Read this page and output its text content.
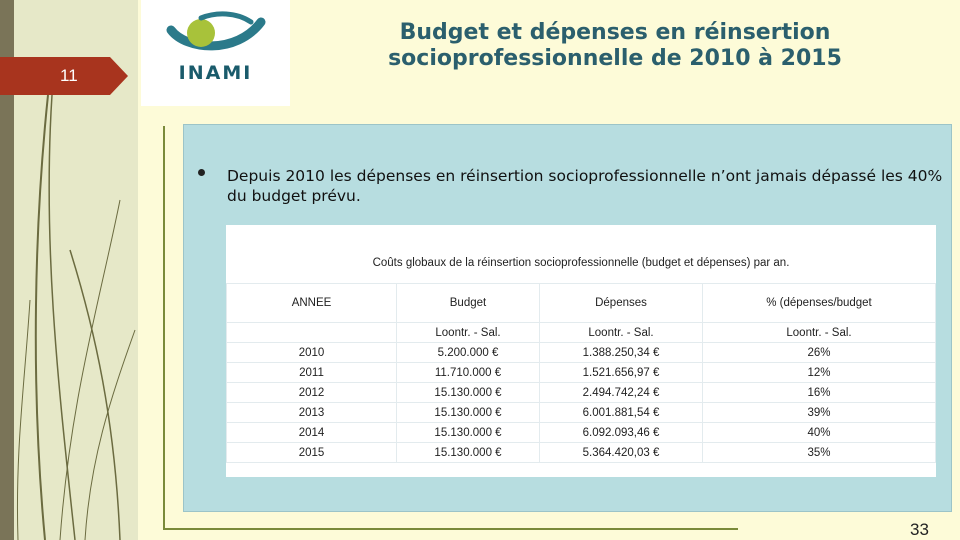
11	INAMI
Budget et dépenses en réinsertion
socioprofessionnelle de 2010 à 2015
Depuis 2010 les dépenses en réinsertion socioprofessionnelle n’ont jamais dépassé les 40% du budget prévu.
Coûts globaux de la réinsertion socioprofessionnelle (budget et dépenses) par an.
ANNEE	Budget	Dépenses	% (dépenses/budget
	Loontr. - Sal.	Loontr. - Sal.	Loontr. - Sal.
2010	5.200.000 €	1.388.250,34 €	26%
2011	11.710.000 €	1.521.656,97 €	12%
2012	15.130.000 €	2.494.742,24 €	16%
2013	15.130.000 €	6.001.881,54 €	39%
2014	15.130.000 €	6.092.093,46 €	40%
2015	15.130.000 €	5.364.420,03 €	35%
33
